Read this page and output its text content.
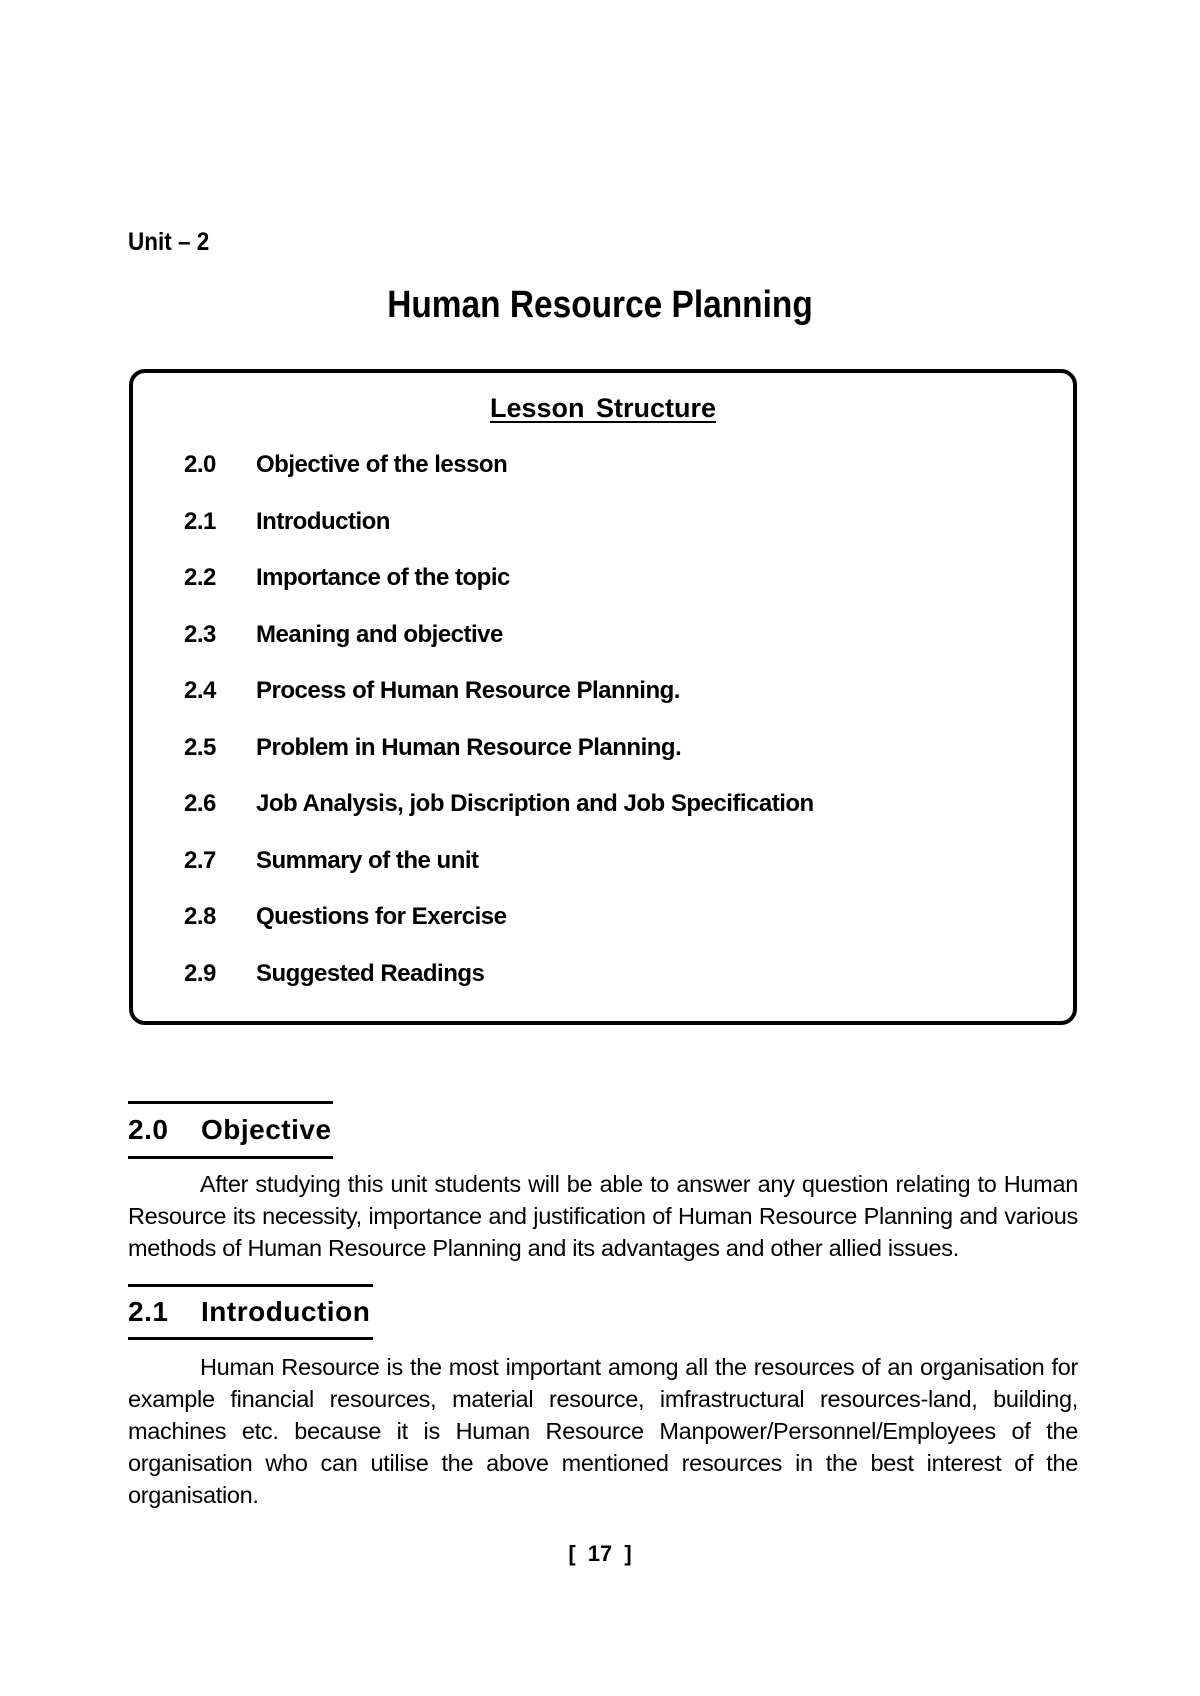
Unit – 2
Human Resource Planning
Lesson Structure
2.0 Objective of the lesson
2.1 Introduction
2.2 Importance of the topic
2.3 Meaning and objective
2.4 Process of Human Resource Planning.
2.5 Problem in Human Resource Planning.
2.6 Job Analysis, job Discription and Job Specification
2.7 Summary of the unit
2.8 Questions for Exercise
2.9 Suggested Readings
2.0	Objective

After studying this unit students will be able to answer any question relating to Human Resource its necessity, importance and justification of Human Resource Planning and various methods of Human Resource Planning and its advantages and other allied issues.

2.1	Introduction

Human Resource is the most important among all the resources of an organisation for example financial resources, material resource, imfrastructural resources-land, building, machines etc. because it is Human Resource Manpower/Personnel/Employees of the organisation who can utilise the above mentioned resources in the best interest of the organisation.

[ 17 ]
